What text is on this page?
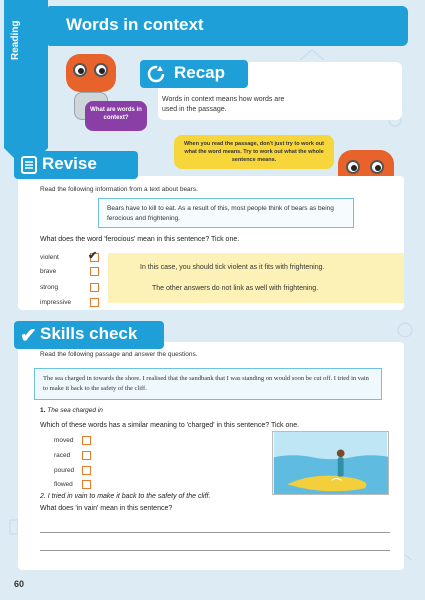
Words in context
Reading
What are words in context?
Recap
Words in context means how words are used in the passage.
When you read the passage, don't just try to work out what the word means. Try to work out what the whole sentence means.
Revise
Read the following information from a text about bears.
Bears have to kill to eat. As a result of this, most people think of bears as being ferocious and frightening.
What does the word 'ferocious' mean in this sentence? Tick one.
violent	✔
brave
strong
impressive
In this case, you should tick violent as it fits with frightening.
The other answers do not link as well with frightening.
✔ Skills check
Read the following passage and answer the questions.
The sea charged in towards the shore. I realised that the sandbank that I was standing on would soon be cut off. I tried in vain to make it back to the safety of the cliff.
1. The sea charged in
Which of these words has a similar meaning to 'charged' in this sentence? Tick one.
moved
raced
poured
flowed
2. I tried in vain to make it back to the safety of the cliff.
What does 'in vain' mean in this sentence?
60
